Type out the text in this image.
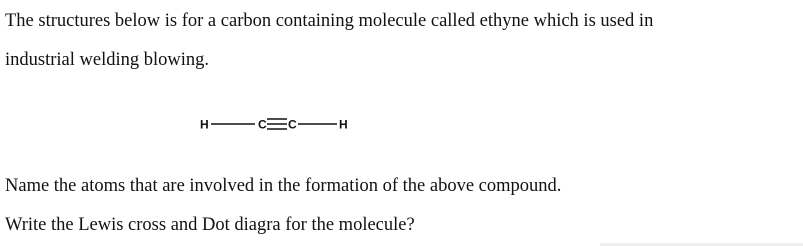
The structures below is for a carbon containing molecule called ethyne which is used in
industrial welding blowing.
H	C C	H
Name the atoms that are involved in the formation of the above compound.
Write the Lewis cross and Dot diagra for the molecule?
